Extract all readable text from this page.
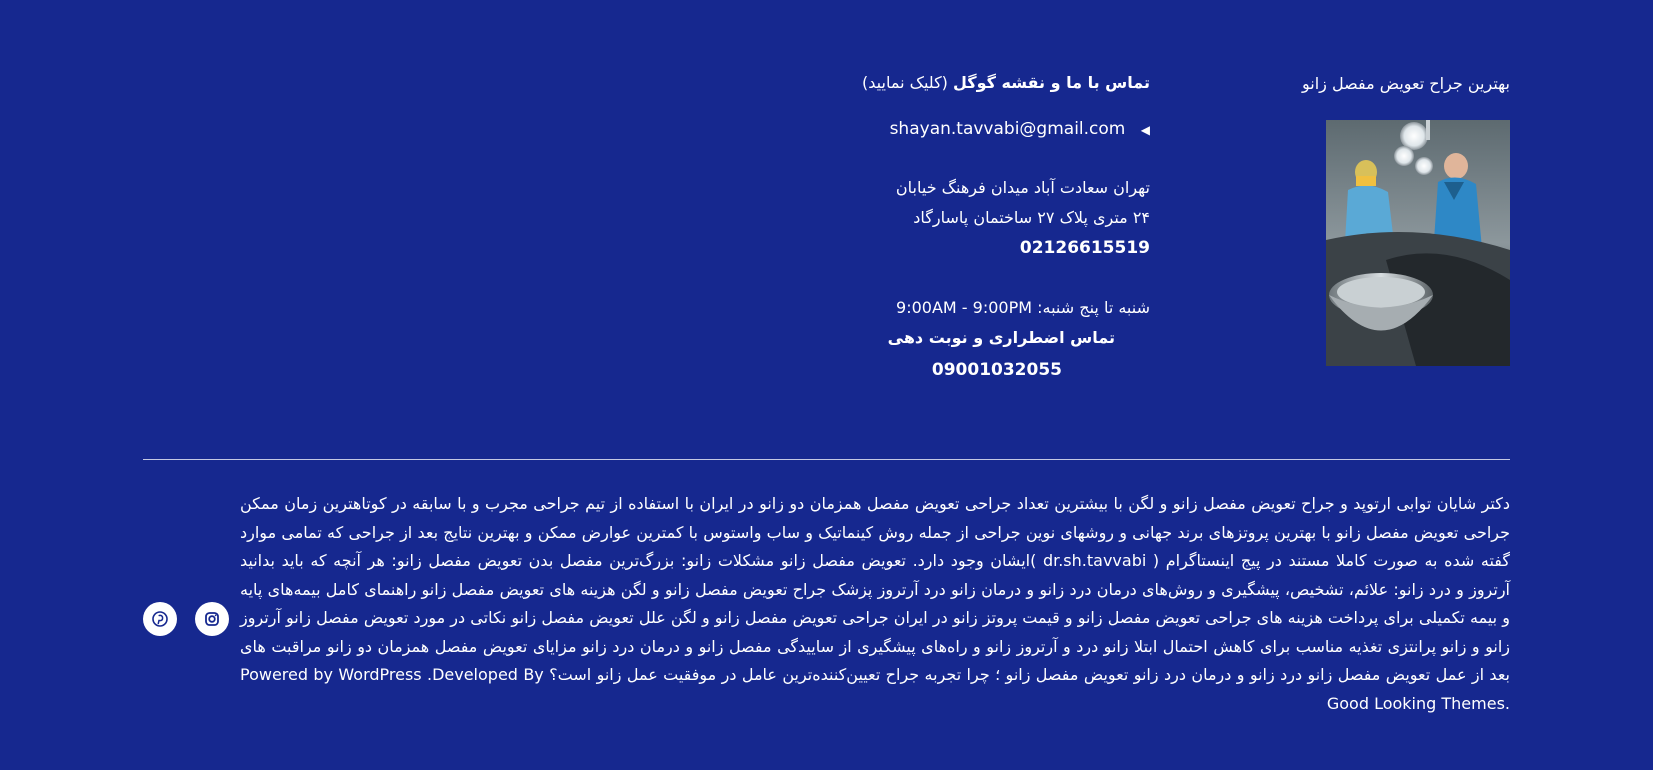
بهترین جراح تعویض مفصل زانو
تماس با ما و نقشه گوگل (کلیک نمایید)
shayan.tavvabi@gmail.com ◀
تهران سعادت آباد میدان فرهنگ خیابان
۲۴ متری پلاک ۲۷ ساختمان پاسارگاد
02126615519
شنبه تا پنج شنبه: 9:00AM - 9:00PM
تماس اضطراری و نوبت دهی
09001032055
دکتر شایان توابی ارتوپد و جراح تعویض مفصل زانو و لگن با بیشترین تعداد جراحی تعویض مفصل همزمان دو زانو در ایران با استفاده از تیم جراحی مجرب و با سابقه در کوتاهترین زمان ممکن جراحی تعویض مفصل زانو با بهترین پروتزهای برند جهانی و روشهای نوین جراحی از جمله روش کینماتیک و ساب واستوس با کمترین عوارض ممکن و بهترین نتایج بعد از جراحی که تمامی موارد گفته شده به صورت کاملا مستند در پیج اینستاگرام ( dr.sh.tavvabi )ایشان وجود دارد. تعویض مفصل زانو مشکلات زانو: بزرگ‌ترین مفصل بدن تعویض مفصل زانو: هر آنچه که باید بدانید آرتروز و درد زانو: علائم، تشخیص، پیشگیری و روش‌های درمان درد زانو و درمان زانو درد آرتروز پزشک جراح تعویض مفصل زانو و لگن هزینه های تعویض مفصل زانو راهنمای کامل بیمه‌های پایه و بیمه تکمیلی برای پرداخت هزینه های جراحی تعویض مفصل زانو و قیمت پروتز زانو در ایران جراحی تعویض مفصل زانو و لگن علل تعویض مفصل زانو نکاتی در مورد تعویض مفصل زانو آرتروز زانو و زانو پرانتزی تغذیه مناسب برای کاهش احتمال ابتلا زانو درد و آرتروز زانو و راه‌های پیشگیری از ساییدگی مفصل زانو و درمان درد زانو مزایای تعویض مفصل همزمان دو زانو مراقبت های بعد از عمل تعویض مفصل زانو درد زانو و درمان درد زانو تعویض مفصل زانو ؛ چرا تجربه جراح تعیین‌کننده‌ترین عامل در موفقیت عمل زانو است؟ Powered by WordPress .Developed By Good Looking Themes.
